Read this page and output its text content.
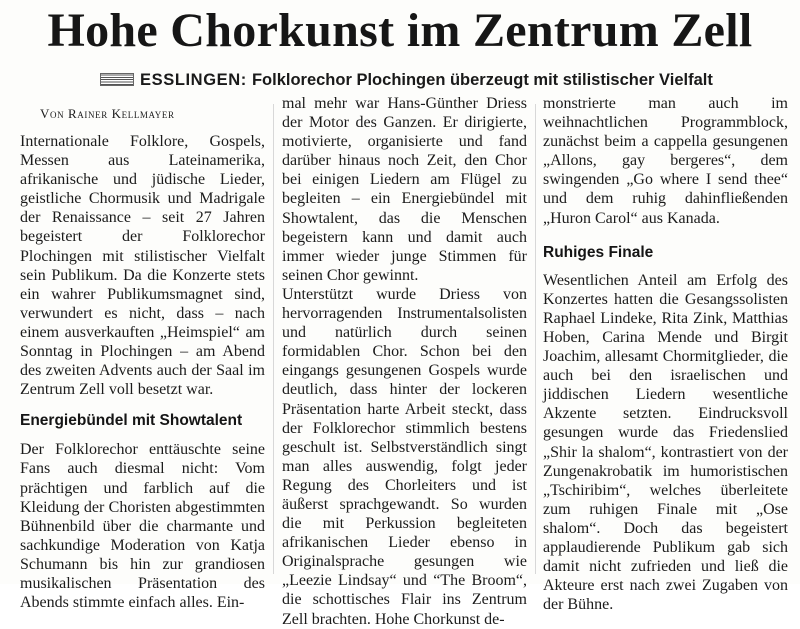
Hohe Chorkunst im Zentrum Zell
ESSLINGEN: Folklorechor Plochingen überzeugt mit stilistischer Vielfalt
Von Rainer Kellmayer

Internationale Folklore, Gospels, Messen aus Lateinamerika, afrikanische und jüdische Lieder, geistliche Chormusik und Madrigale der Renaissance – seit 27 Jahren begeistert der Folklorechor Plochingen mit stilistischer Vielfalt sein Publikum. Da die Konzerte stets ein wahrer Publikumsmagnet sind, verwundert es nicht, dass – nach einem ausverkauften „Heimspiel“ am Sonntag in Plochingen – am Abend des zweiten Advents auch der Saal im Zentrum Zell voll besetzt war.

Energiebündel mit Showtalent

Der Folklorechor enttäuschte seine Fans auch diesmal nicht: Vom prächtigen und farblich auf die Kleidung der Choristen abgestimmten Bühnenbild über die charmante und sachkundige Moderation von Katja Schumann bis hin zur grandiosen musikalischen Präsentation des Abends stimmte einfach alles. Ein-

mal mehr war Hans-Günther Driess der Motor des Ganzen. Er dirigierte, motivierte, organisierte und fand darüber hinaus noch Zeit, den Chor bei einigen Liedern am Flügel zu begleiten – ein Energiebündel mit Showtalent, das die Menschen begeistern kann und damit auch immer wieder junge Stimmen für seinen Chor gewinnt.

Unterstützt wurde Driess von hervorragenden Instrumentalsolisten und natürlich durch seinen formidablen Chor. Schon bei den eingangs gesungenen Gospels wurde deutlich, dass hinter der lockeren Präsentation harte Arbeit steckt, dass der Folklorechor stimmlich bestens geschult ist. Selbstverständlich singt man alles auswendig, folgt jeder Regung des Chorleiters und ist äußerst sprachgewandt. So wurden die mit Perkussion begleiteten afrikanischen Lieder ebenso in Originalsprache gesungen wie „Leezie Lindsay“ und “The Broom“, die schottisches Flair ins Zentrum Zell brachten. Hohe Chorkunst de-

monstrierte man auch im weihnachtlichen Programmblock, zunächst beim a cappella gesungenen „Allons, gay bergeres“, dem swingenden „Go where I send thee“ und dem ruhig dahinfließenden „Huron Carol“ aus Kanada.

Ruhiges Finale

Wesentlichen Anteil am Erfolg des Konzertes hatten die Gesangssolisten Raphael Lindeke, Rita Zink, Matthias Hoben, Carina Mende und Birgit Joachim, allesamt Chormitglieder, die auch bei den israelischen und jiddischen Liedern wesentliche Akzente setzten. Eindrucksvoll gesungen wurde das Friedenslied „Shir la shalom“, kontrastiert von der Zungenakrobatik im humoristischen „Tschiribim“, welches überleitete zum ruhigen Finale mit „Ose shalom“. Doch das begeistert applaudierende Publikum gab sich damit nicht zufrieden und ließ die Akteure erst nach zwei Zugaben von der Bühne.
